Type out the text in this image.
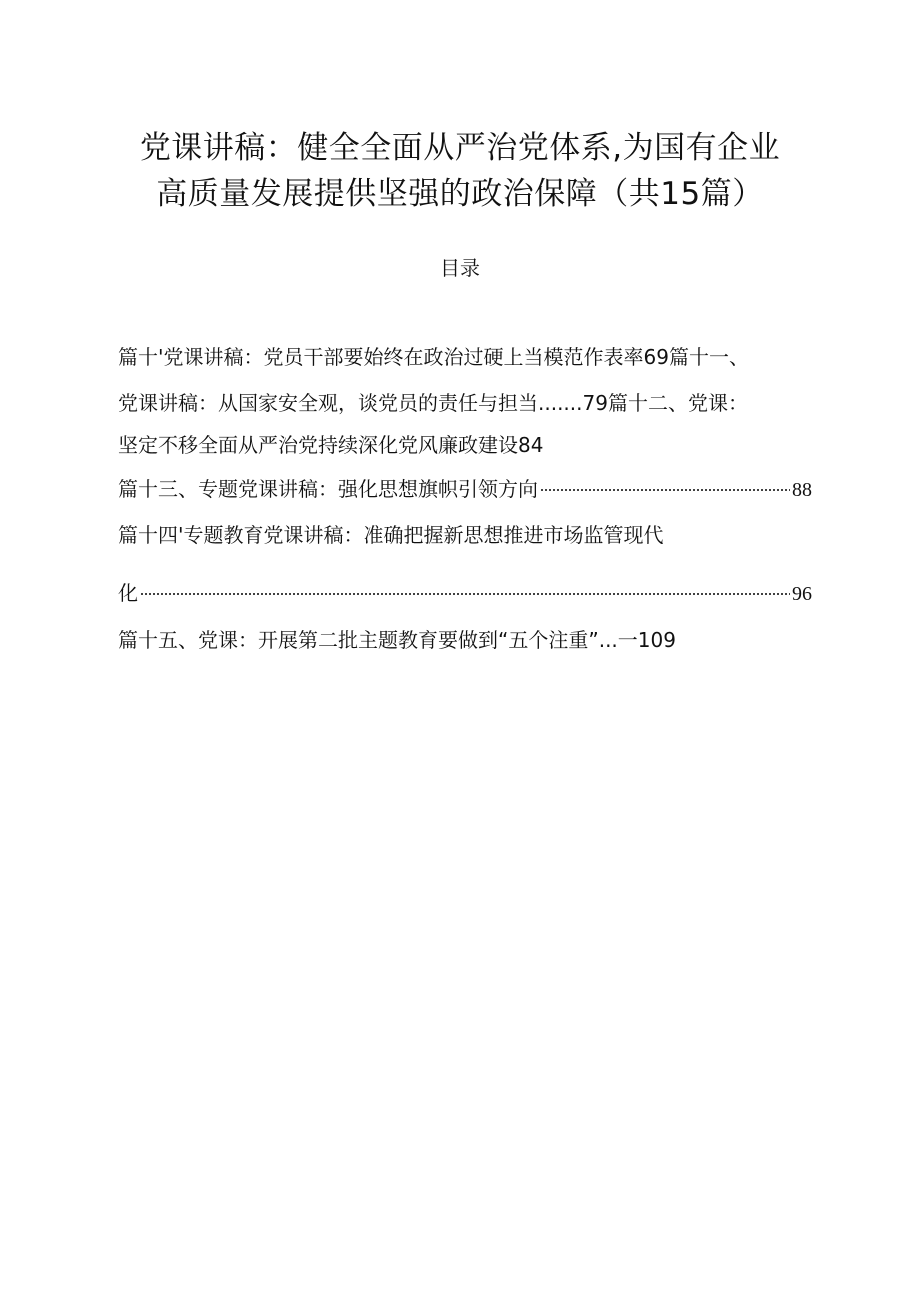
党课讲稿：健全全面从严治党体系,为国有企业
高质量发展提供坚强的政治保障（共15篇）
目录
篇十'党课讲稿：党员干部要始终在政治过硬上当模范作表率69篇十一、
党课讲稿：从国家安全观，谈党员的责任与担当.......79篇十二、党课：
坚定不移全面从严治党持续深化党风廉政建设84
篇十三、专题党课讲稿：强化思想旗帜引领方向	88
篇十四'专题教育党课讲稿：准确把握新思想推进市场监管现代
化	96
篇十五、党课：开展第二批主题教育要做到“五个注重”...一109
